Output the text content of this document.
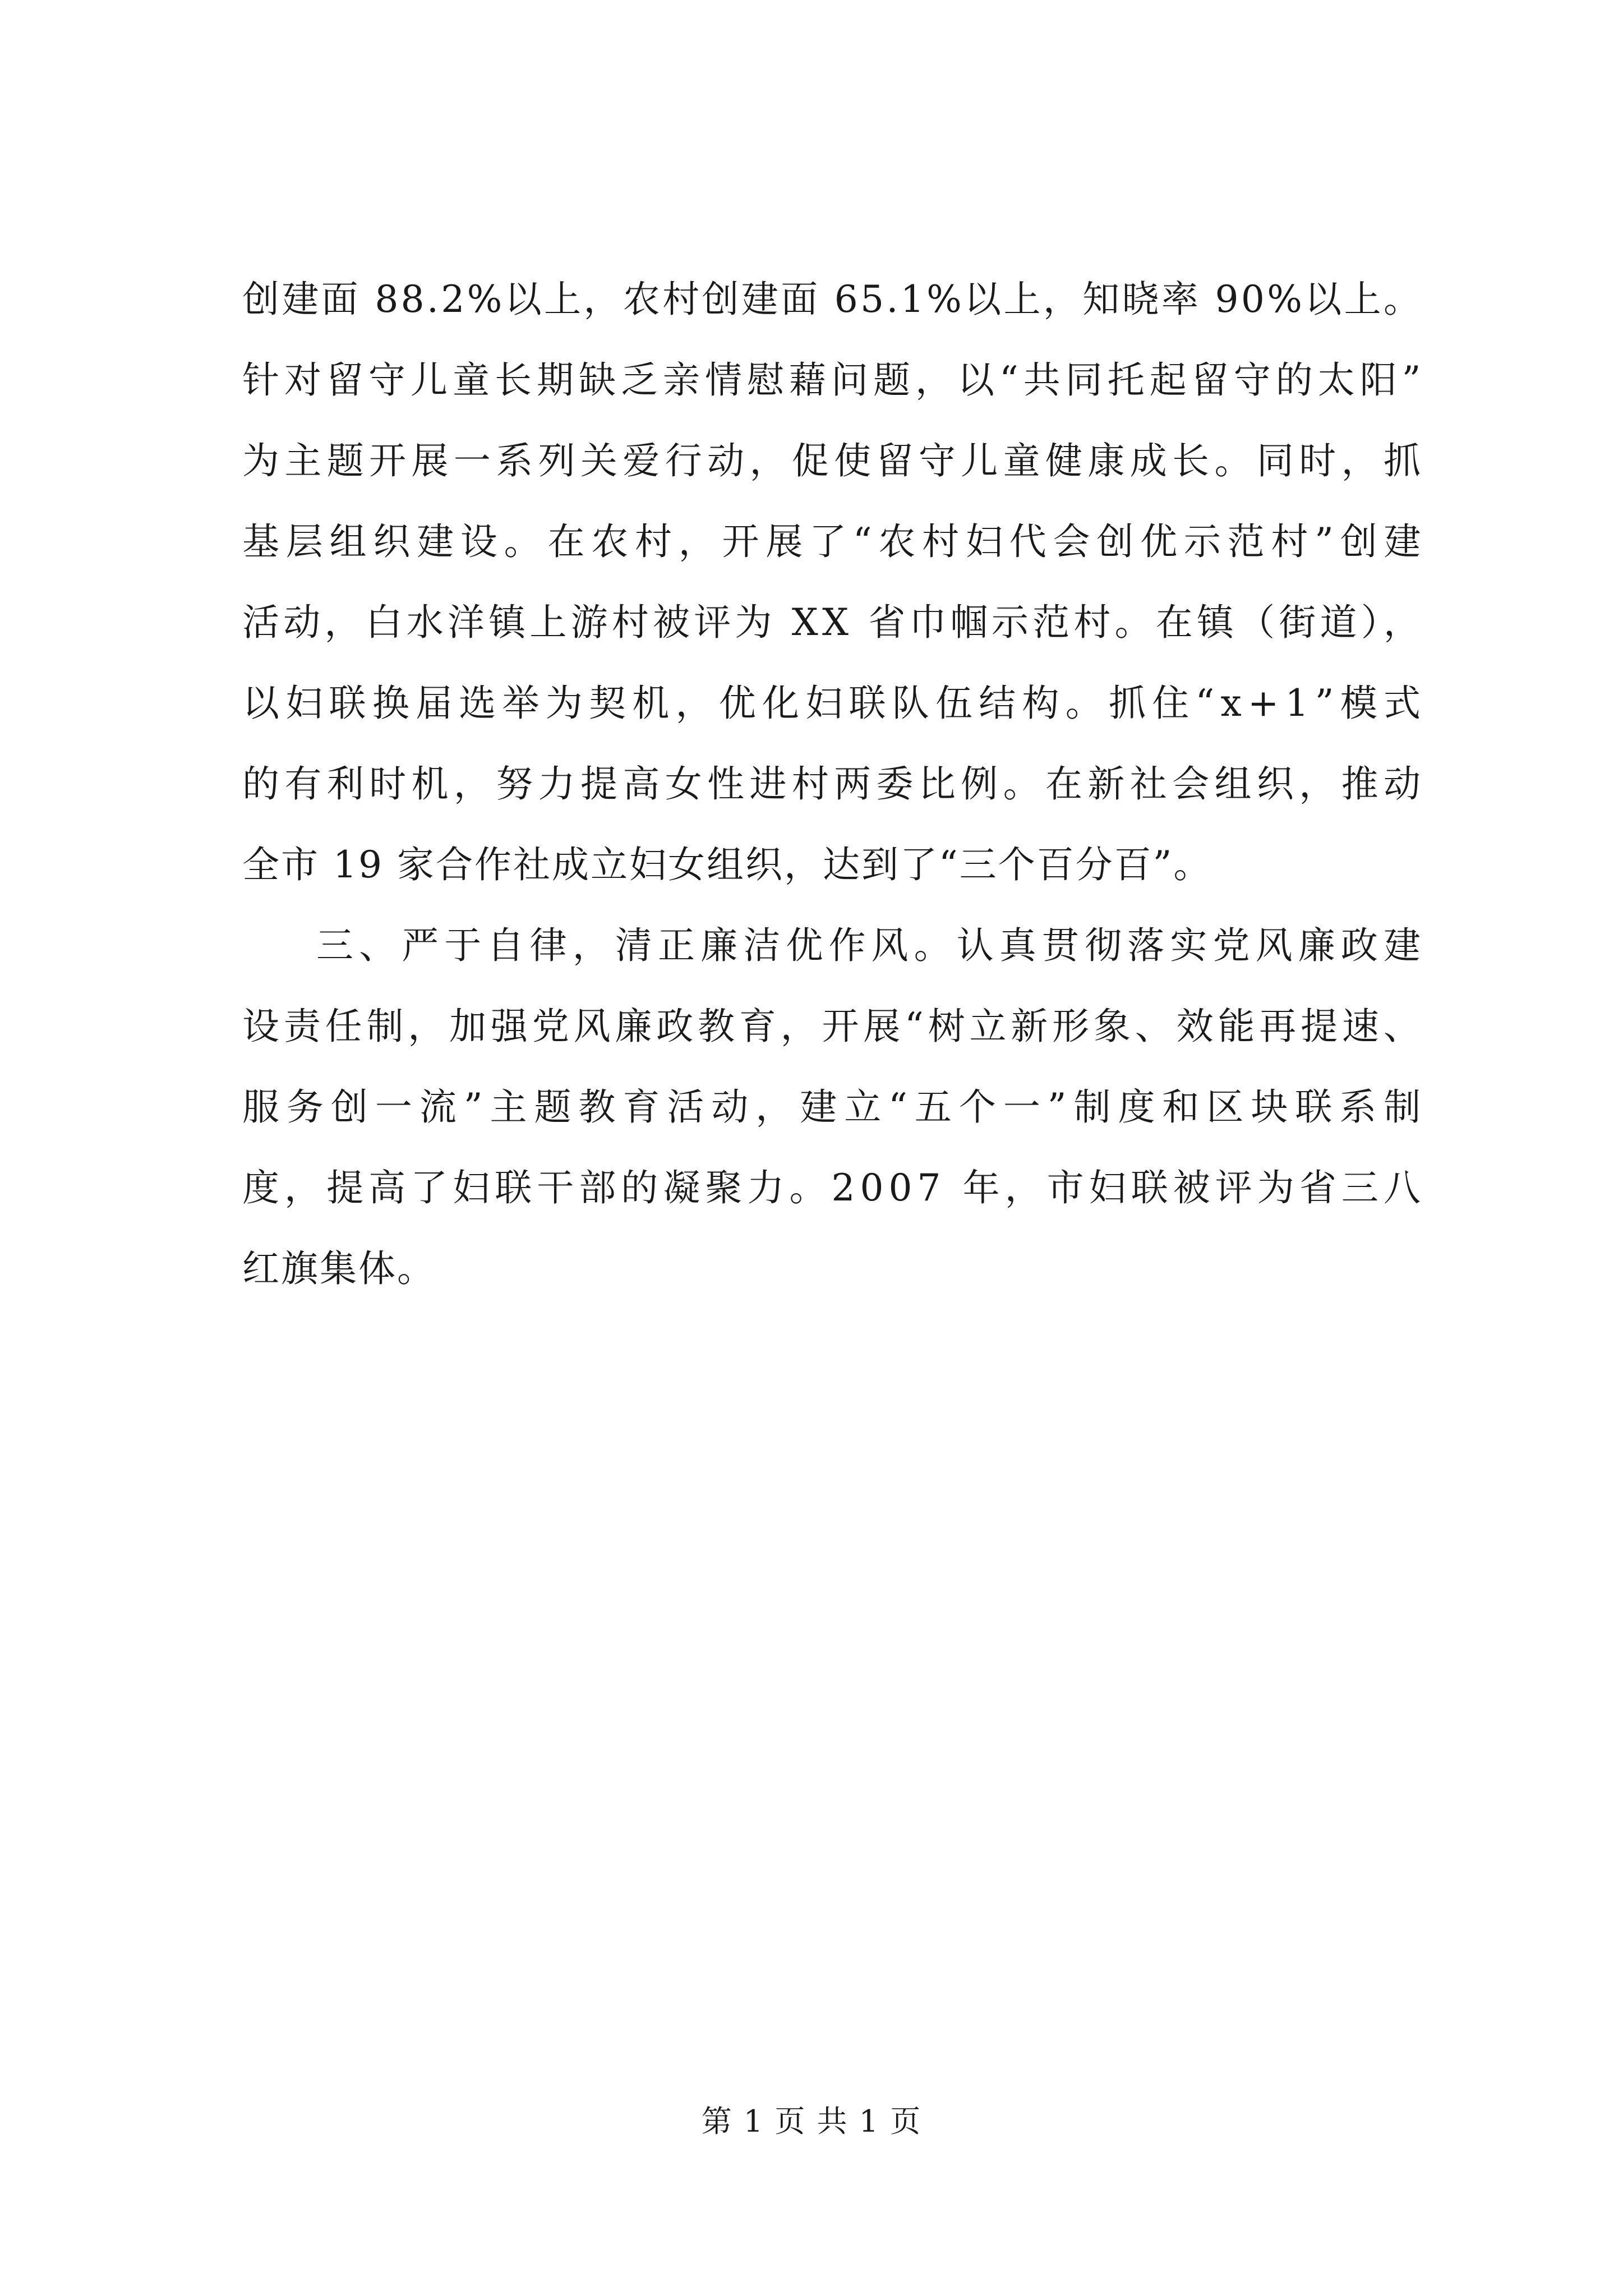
创建面 88.2%以上，农村创建面 65.1%以上，知晓率 90%以上。
针对留守儿童长期缺乏亲情慰藉问题，以“共同托起留守的太阳”
为主题开展一系列关爱行动，促使留守儿童健康成长。同时，抓
基层组织建设。在农村，开展了“农村妇代会创优示范村”创建
活动，白水洋镇上游村被评为 XX 省巾帼示范村。在镇（街道），
以妇联换届选举为契机，优化妇联队伍结构。抓住“x+1”模式
的有利时机，努力提高女性进村两委比例。在新社会组织，推动
全市 19 家合作社成立妇女组织，达到了“三个百分百”。
三、严于自律，清正廉洁优作风。认真贯彻落实党风廉政建
设责任制，加强党风廉政教育，开展“树立新形象、效能再提速、
服务创一流”主题教育活动，建立“五个一”制度和区块联系制
度，提高了妇联干部的凝聚力。2007 年，市妇联被评为省三八
红旗集体。
第 1 页 共 1 页
